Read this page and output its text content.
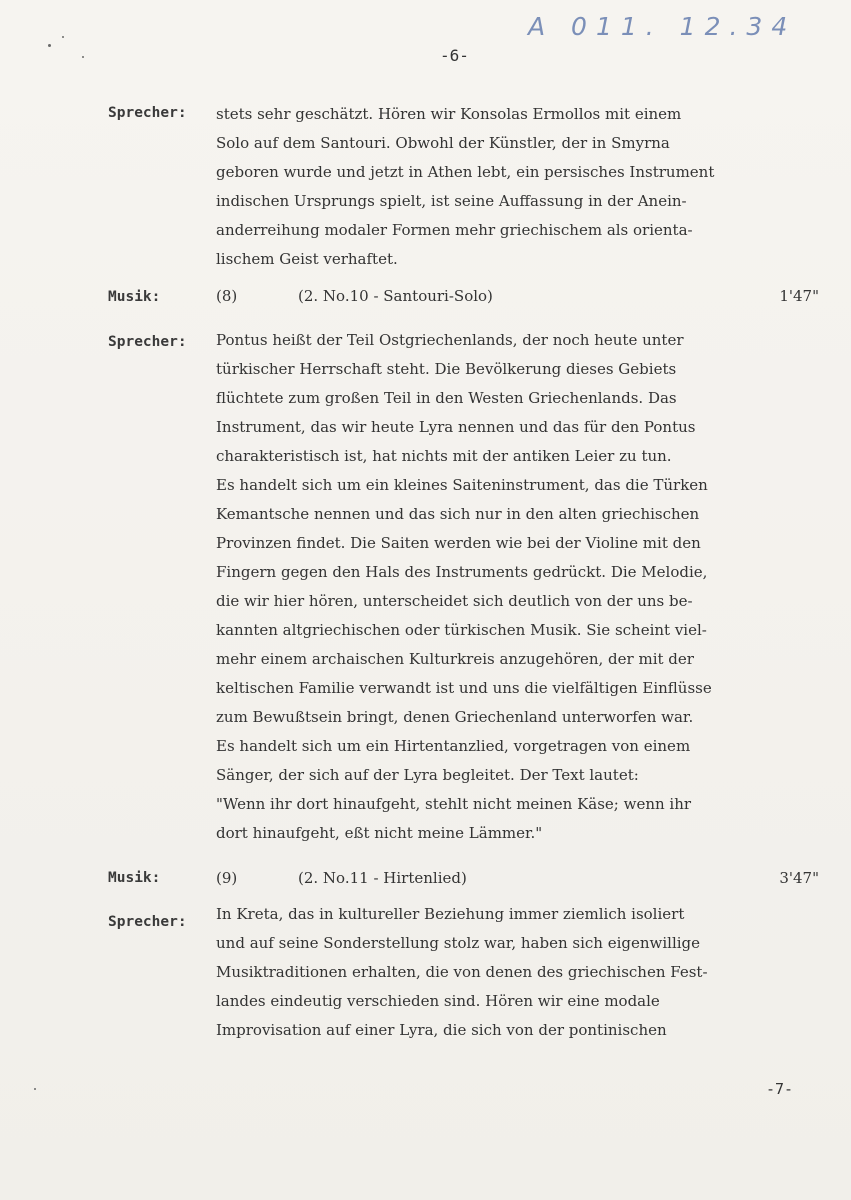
A 011. 12.34
-6-
Sprecher: stets sehr geschätzt. Hören wir Konsolas Ermollos mit einem
Solo auf dem Santouri. Obwohl der Künstler, der in Smyrna
geboren wurde und jetzt in Athen lebt, ein persisches Instrument
indischen Ursprungs spielt, ist seine Auffassung in der Anein-
anderreihung modaler Formen mehr griechischem als orienta-
lischem Geist verhaftet.
Musik:	(8)	(2. No.10 - Santouri-Solo)	1'47"
Sprecher: Pontus heißt der Teil Ostgriechenlands, der noch heute unter
türkischer Herrschaft steht. Die Bevölkerung dieses Gebiets
flüchtete zum großen Teil in den Westen Griechenlands. Das
Instrument, das wir heute Lyra nennen und das für den Pontus
charakteristisch ist, hat nichts mit der antiken Leier zu tun.
Es handelt sich um ein kleines Saiteninstrument, das die Türken
Kemantsche nennen und das sich nur in den alten griechischen
Provinzen findet. Die Saiten werden wie bei der Violine mit den
Fingern gegen den Hals des Instruments gedrückt. Die Melodie,
die wir hier hören, unterscheidet sich deutlich von der uns be-
kannten altgriechischen oder türkischen Musik. Sie scheint viel-
mehr einem archaischen Kulturkreis anzugehören, der mit der
keltischen Familie verwandt ist und uns die vielfältigen Einflüsse
zum Bewußtsein bringt, denen Griechenland unterworfen war.
Es handelt sich um ein Hirtentanzlied, vorgetragen von einem
Sänger, der sich auf der Lyra begleitet. Der Text lautet:
"Wenn ihr dort hinaufgeht, stehlt nicht meinen Käse; wenn ihr
dort hinaufgeht, eßt nicht meine Lämmer."
Musik:	(9)	(2. No.11 - Hirtenlied)	3'47"
Sprecher: In Kreta, das in kultureller Beziehung immer ziemlich isoliert
und auf seine Sonderstellung stolz war, haben sich eigenwillige
Musiktraditionen erhalten, die von denen des griechischen Fest-
landes eindeutig verschieden sind. Hören wir eine modale
Improvisation auf einer Lyra, die sich von der pontinischen
-7-
